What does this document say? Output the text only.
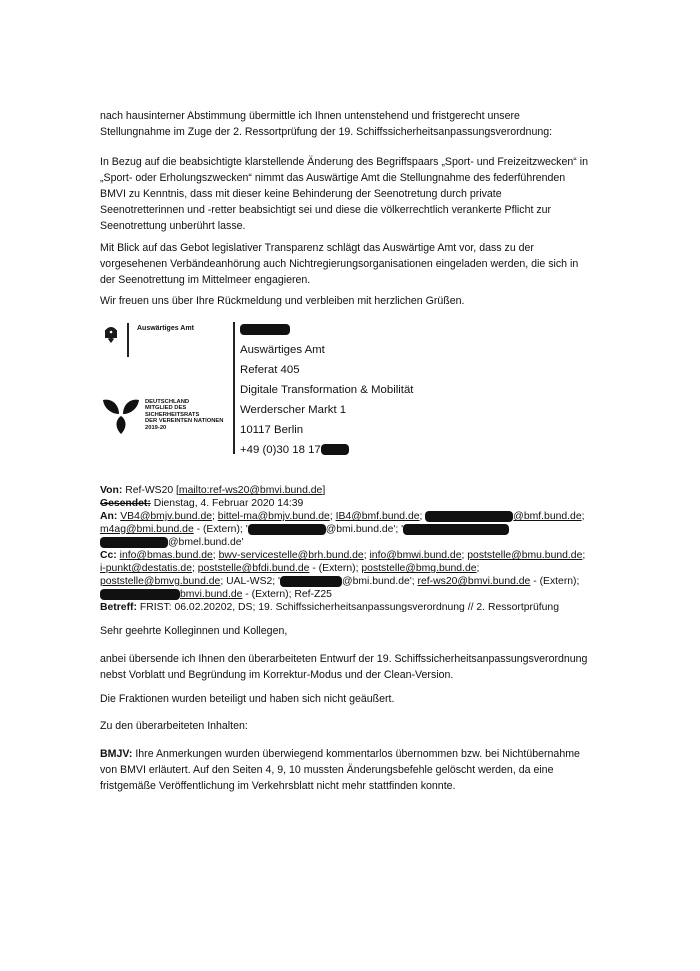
nach hausinterner Abstimmung übermittle ich Ihnen untenstehend und fristgerecht unsere
Stellungnahme im Zuge der 2. Ressortprüfung der 19. Schiffssicherheitsanpassungsverordnung:

In Bezug auf die beabsichtigte klarstellende Änderung des Begriffspaars „Sport- und Freizeitzwecken“ in
„Sport- oder Erholungszwecken“ nimmt das Auswärtige Amt die Stellungnahme des federführenden
BMVI zu Kenntnis, dass mit dieser keine Behinderung der Seenotretung durch private
Seenotretterinnen und -retter beabsichtigt sei und diese die völkerrechtlich verankerte Pflicht zur
Seenotrettung unberührt lasse.

Mit Blick auf das Gebot legislativer Transparenz schlägt das Auswärtige Amt vor, dass zu der
vorgesehenen Verbändeanhörung auch Nichtregierungsorganisationen eingeladen werden, die sich in
der Seenotrettung im Mittelmeer engagieren.

Wir freuen uns über Ihre Rückmeldung und verbleiben mit herzlichen Grüßen.

Auswärtiges Amt
DEUTSCHLAND
MITGLIED DES
SICHERHEITSRATS
DER VEREINTEN NATIONEN
2019-20
Auswärtiges Amt
Referat 405
Digitale Transformation & Mobilität
Werderscher Markt 1
10117 Berlin
+49 (0)30 18 17
Von: Ref-WS20 [mailto:ref-ws20@bmvi.bund.de]
Gesendet: Dienstag, 4. Februar 2020 14:39
An: VB4@bmjv.bund.de; bittel-ma@bmjv.bund.de; IB4@bmf.bund.de;	@bmf.bund.de;
m4ag@bmi.bund.de - (Extern); '	@bmi.bund.de'; '
@bmel.bund.de'
Cc: info@bmas.bund.de; bwv-servicestelle@brh.bund.de; info@bmwi.bund.de; poststelle@bmu.bund.de;
i-punkt@destatis.de; poststelle@bfdi.bund.de - (Extern); poststelle@bmg.bund.de;
poststelle@bmvg.bund.de; UAL-WS2; '	@bmi.bund.de'; ref-ws20@bmvi.bund.de - (Extern);
bmvi.bund.de - (Extern); Ref-Z25
Betreff: FRIST: 06.02.20202, DS; 19. Schiffssicherheitsanpassungsverordnung // 2. Ressortprüfung

Sehr geehrte Kolleginnen und Kollegen,

anbei übersende ich Ihnen den überarbeiteten Entwurf der 19. Schiffssicherheitsanpassungsverordnung
nebst Vorblatt und Begründung im Korrektur-Modus und der Clean-Version.

Die Fraktionen wurden beteiligt und haben sich nicht geäußert.

Zu den überarbeiteten Inhalten:

BMJV: Ihre Anmerkungen wurden überwiegend kommentarlos übernommen bzw. bei Nichtübernahme
von BMVI erläutert. Auf den Seiten 4, 9, 10 mussten Änderungsbefehle gelöscht werden, da eine
fristgemäße Veröffentlichung im Verkehrsblatt nicht mehr stattfinden konnte.
